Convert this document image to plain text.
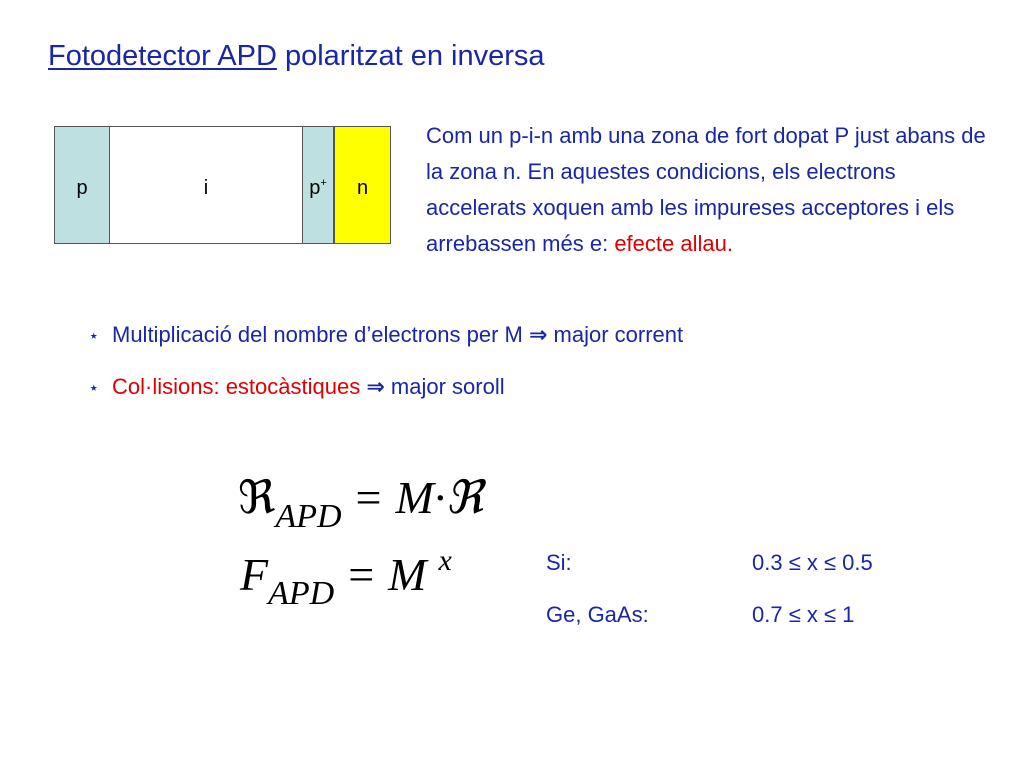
Fotodetector APD polaritzat en inversa
p	i	p + n
Com un p-i-n amb una zona de fort dopat P just abans de la zona n. En aquestes condicions, els electrons accelerats xoquen amb les impureses acceptores i els arrebassen més e: efecte allau.
⭑ Multiplicació del nombre d’electrons per M ⇒ major corrent
⭑ Col·lisions: estocàstiques ⇒ major soroll
ℜ$_{APD}$ = M·ℜ
$F_{APD} = M$ $^x$	Si:	0.3 ≤ x ≤ 0.5
Ge, GaAs:	0.7 ≤ x ≤ 1
